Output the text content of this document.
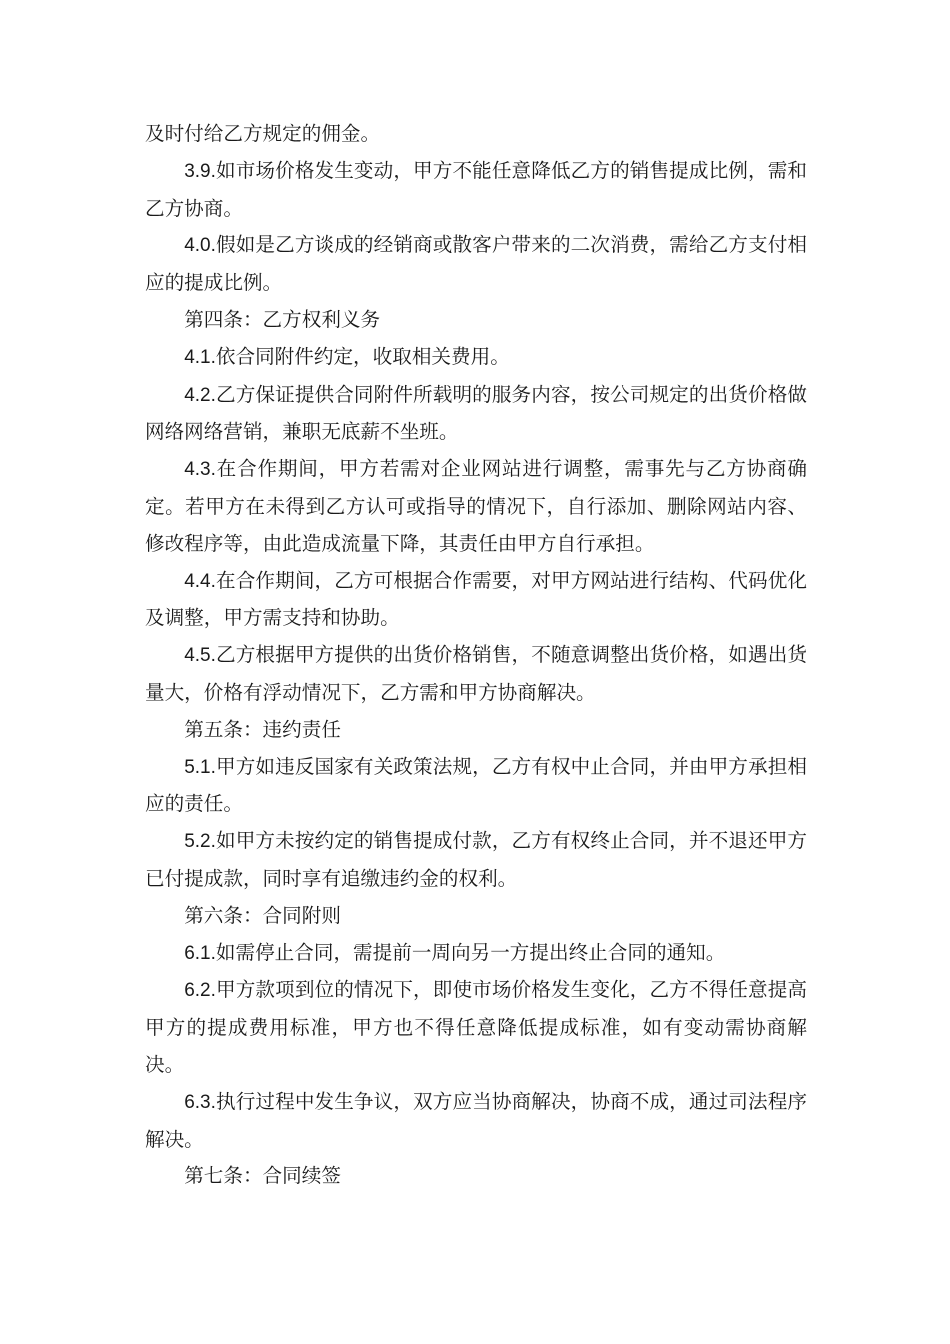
及时付给乙方规定的佣金。

3.9.如市场价格发生变动，甲方不能任意降低乙方的销售提成比例，需和乙方协商。

4.0.假如是乙方谈成的经销商或散客户带来的二次消费，需给乙方支付相应的提成比例。

第四条：乙方权利义务

4.1.依合同附件约定，收取相关费用。

4.2.乙方保证提供合同附件所载明的服务内容，按公司规定的出货价格做网络网络营销，兼职无底薪不坐班。

4.3.在合作期间，甲方若需对企业网站进行调整，需事先与乙方协商确定。若甲方在未得到乙方认可或指导的情况下，自行添加、删除网站内容、修改程序等，由此造成流量下降，其责任由甲方自行承担。

4.4.在合作期间，乙方可根据合作需要，对甲方网站进行结构、代码优化及调整，甲方需支持和协助。

4.5.乙方根据甲方提供的出货价格销售，不随意调整出货价格，如遇出货量大，价格有浮动情况下，乙方需和甲方协商解决。

第五条：违约责任

5.1.甲方如违反国家有关政策法规，乙方有权中止合同，并由甲方承担相应的责任。

5.2.如甲方未按约定的销售提成付款，乙方有权终止合同，并不退还甲方已付提成款，同时享有追缴违约金的权利。

第六条：合同附则

6.1.如需停止合同，需提前一周向另一方提出终止合同的通知。

6.2.甲方款项到位的情况下，即使市场价格发生变化，乙方不得任意提高甲方的提成费用标准，甲方也不得任意降低提成标准，如有变动需协商解决。

6.3.执行过程中发生争议，双方应当协商解决，协商不成，通过司法程序解决。

第七条：合同续签
